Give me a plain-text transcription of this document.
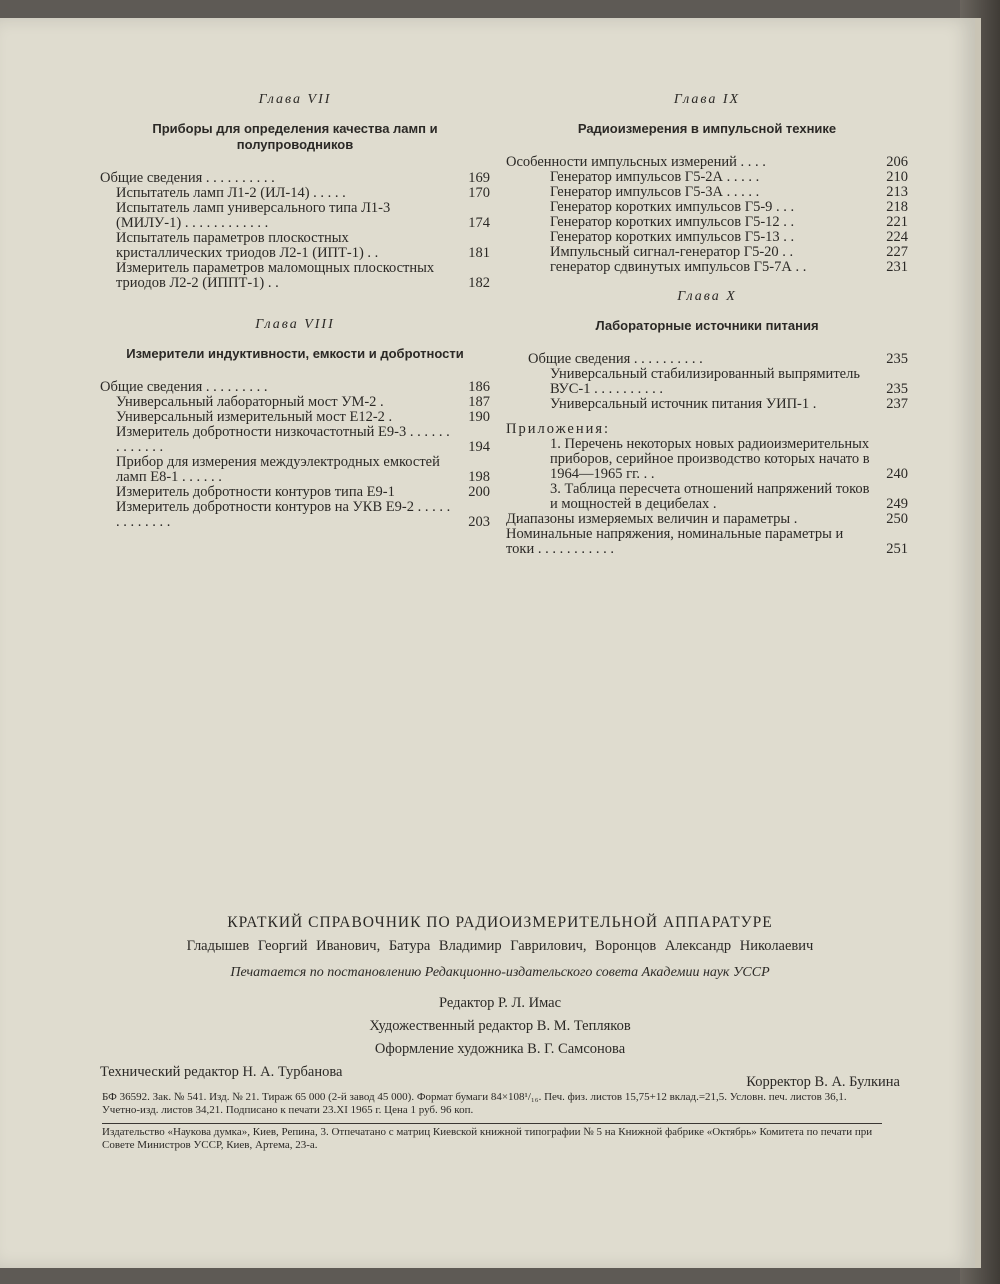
Глава VII
Приборы для определения качества ламп и полупроводников
Общие сведения . . . . . . . . . .	169
Испытатель ламп Л1-2 (ИЛ-14) . . . . .	170
Испытатель ламп универсального типа Л1-3 (МИЛУ-1) . . . . . . . . . . . .	174
Испытатель параметров плоскостных кристаллических триодов Л2-1 (ИПТ-1) . .	181
Измеритель параметров маломощных плоскостных триодов Л2-2 (ИППТ-1) . .	182
Глава VIII
Измерители индуктивности, емкости и добротности
Общие сведения . . . . . . . . .	186
Универсальный лабораторный мост УМ-2 .	187
Универсальный измерительный мост Е12-2 .	190
Измеритель добротности низкочастотный Е9-3 . . . . . . . . . . . . .	194
Прибор для измерения междуэлектродных емкостей ламп Е8-1 . . . . . .	198
Измеритель добротности контуров типа Е9-1	200
Измеритель добротности контуров на УКВ Е9-2 . . . . . . . . . . . . .	203
Глава IX
Радиоизмерения в импульсной технике
Особенности импульсных измерений . . . .	206
Генератор импульсов Г5-2А . . . . .	210
Генератор импульсов Г5-3А . . . . .	213
Генератор коротких импульсов Г5-9 . . .	218
Генератор коротких импульсов Г5-12 . .	221
Генератор коротких импульсов Г5-13 . .	224
Импульсный сигнал-генератор Г5-20 . .	227
генератор сдвинутых импульсов Г5-7А . .	231
Глава X
Лабораторные источники питания
Общие сведения . . . . . . . . . .	235
Универсальный стабилизированный выпрямитель ВУС-1 . . . . . . . . . .	235
Универсальный источник питания УИП-1 .	237
Приложения:
1. Перечень некоторых новых радиоизмерительных приборов, серийное производство которых начато в 1964—1965 гг. . .	240
3. Таблица пересчета отношений напряжений токов и мощностей в децибелах .	249
Диапазоны измеряемых величин и параметры .	250
Номинальные напряжения, номинальные параметры и токи . . . . . . . . . . .	251
КРАТКИЙ СПРАВОЧНИК ПО РАДИОИЗМЕРИТЕЛЬНОЙ АППАРАТУРЕ
Гладышев Георгий Иванович, Батура Владимир Гаврилович, Воронцов Александр Николаевич
Печатается по постановлению Редакционно-издательского совета Академии наук УССР
Редактор Р. Л. Имас
Художественный редактор В. М. Тепляков
Оформление художника В. Г. Самсонова
Технический редактор Н. А. Турбанова
Корректор В. А. Булкина
БФ 36592. Зак. № 541. Изд. № 21. Тираж 65 000 (2-й завод 45 000). Формат бумаги 84×108¹/₁₆. Печ. физ. листов 15,75+12 вклад.=21,5. Условн. печ. листов 36,1. Учетно-изд. листов 34,21. Подписано к печати 23.XI 1965 г. Цена 1 руб. 96 коп.
Издательство «Наукова думка», Киев, Репина, 3. Отпечатано с матриц Киевской книжной типографии № 5 на Книжной фабрике «Октябрь» Комитета по печати при Совете Министров УССР, Киев, Артема, 23-а.
